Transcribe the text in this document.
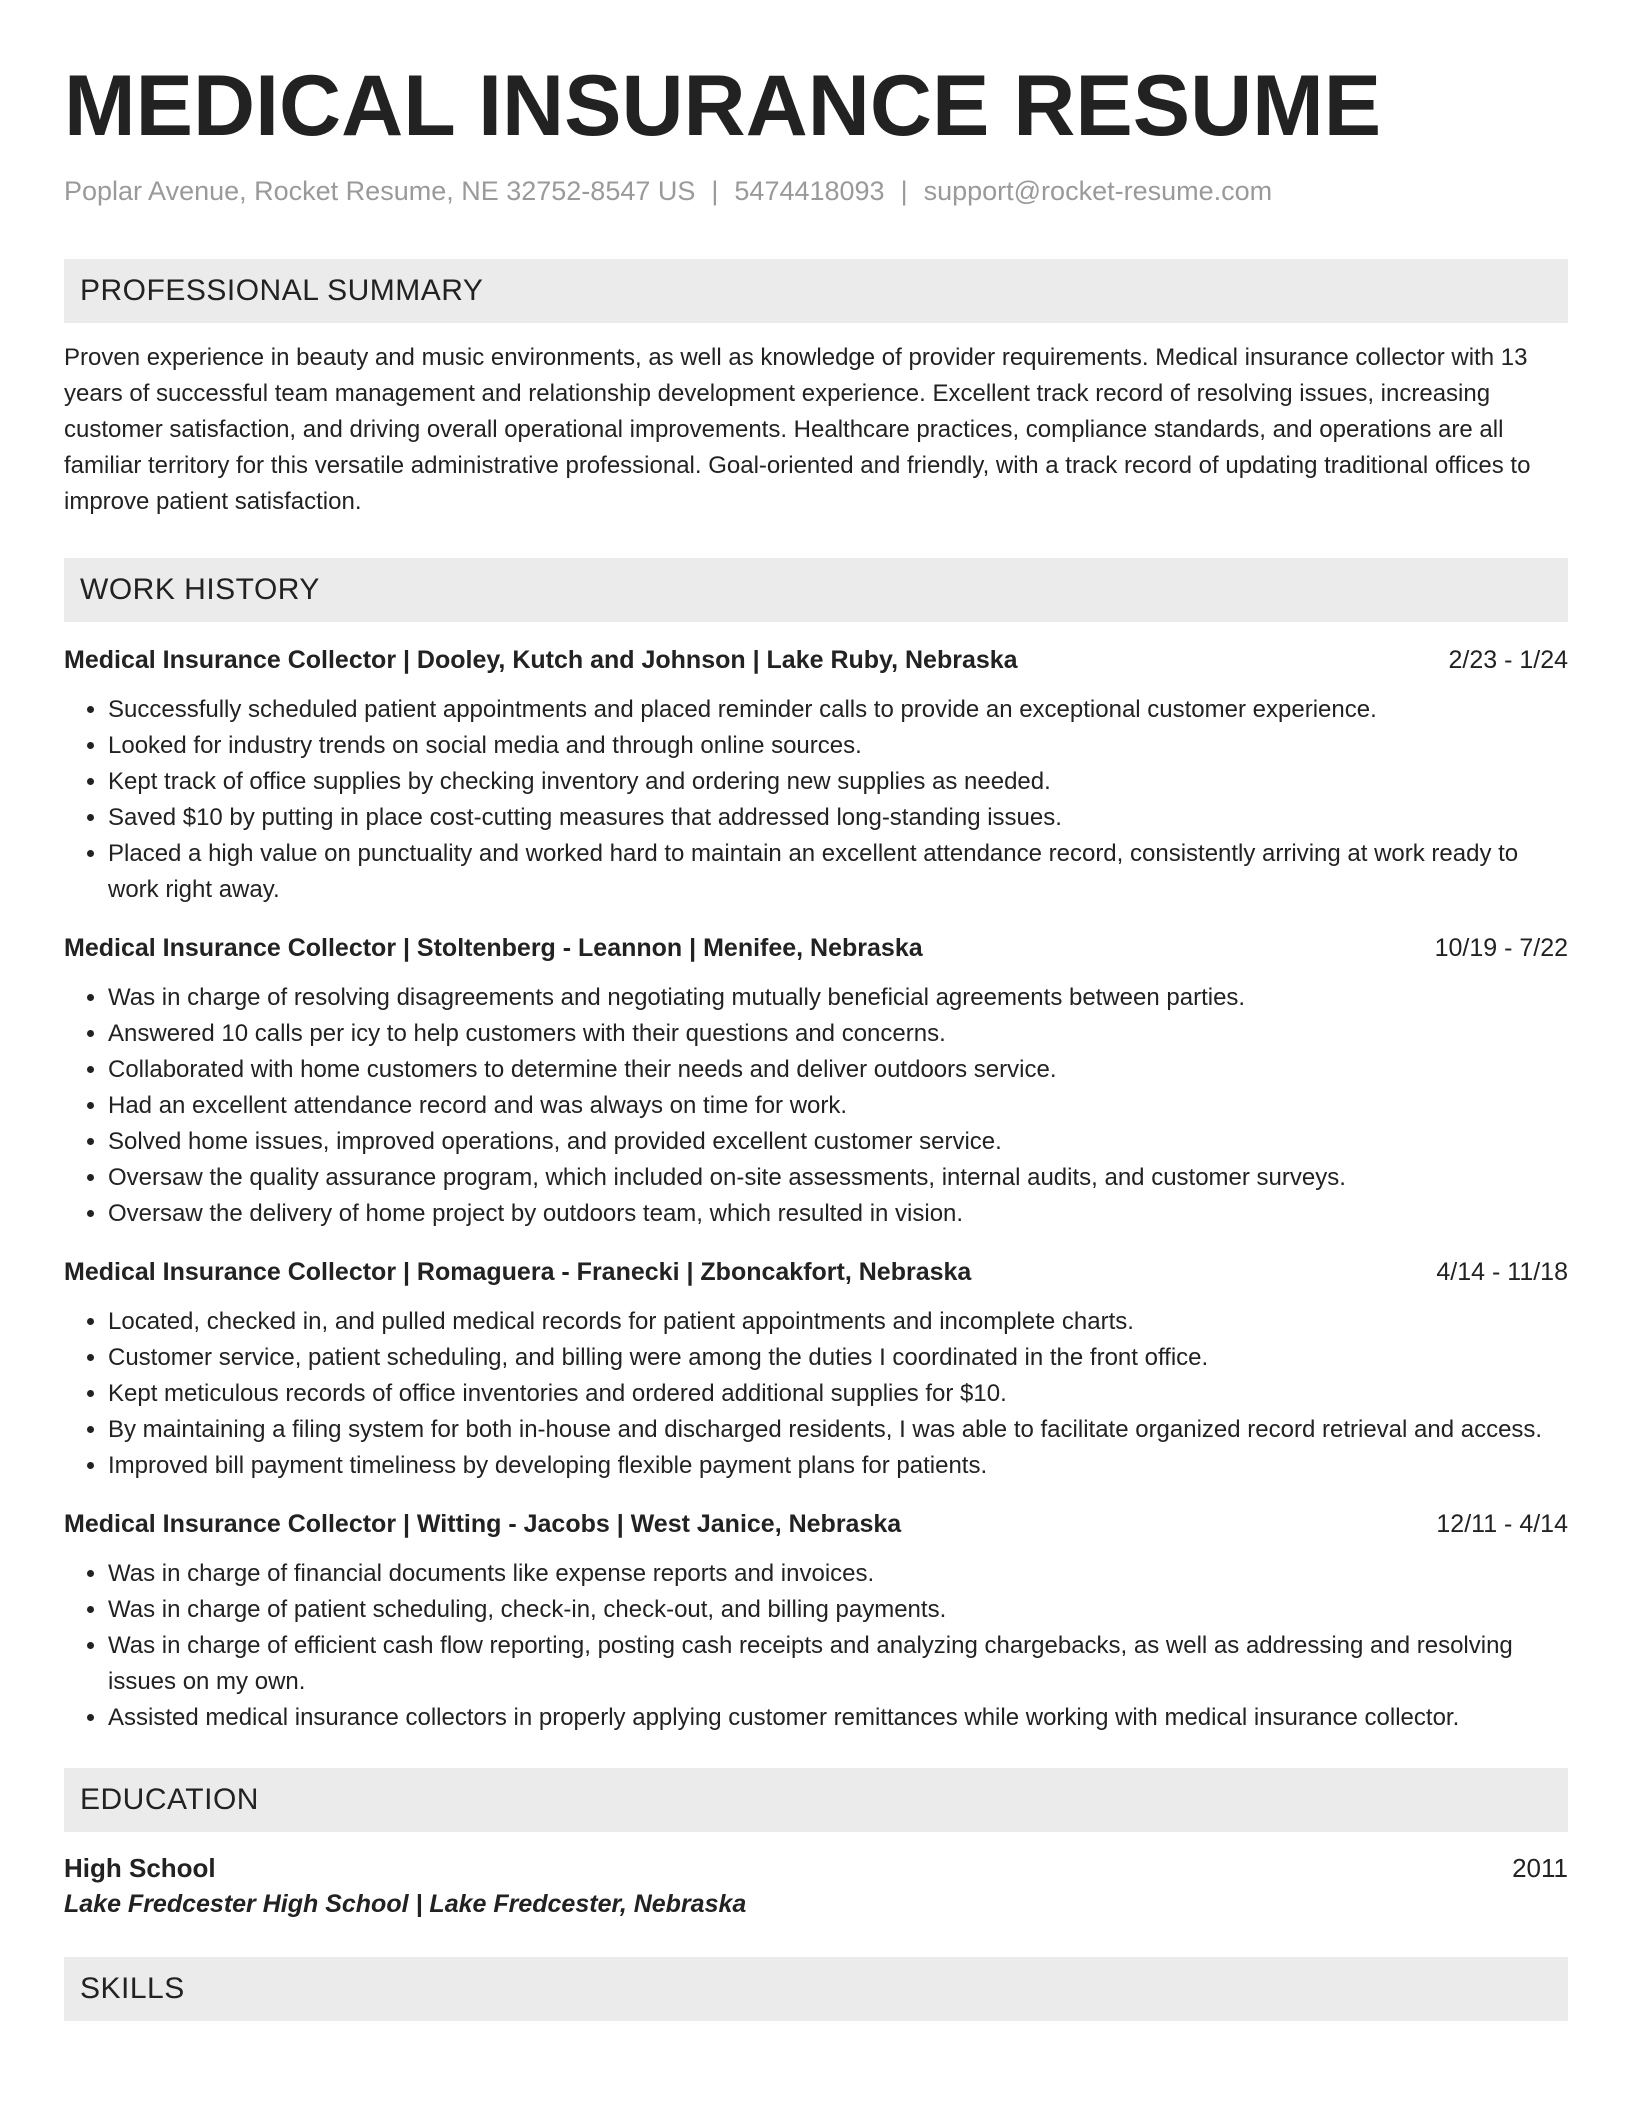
MEDICAL INSURANCE RESUME
Poplar Avenue, Rocket Resume, NE 32752-8547 US | 5474418093 | support@rocket-resume.com
PROFESSIONAL SUMMARY
Proven experience in beauty and music environments, as well as knowledge of provider requirements. Medical insurance collector with 13 years of successful team management and relationship development experience. Excellent track record of resolving issues, increasing customer satisfaction, and driving overall operational improvements. Healthcare practices, compliance standards, and operations are all familiar territory for this versatile administrative professional. Goal-oriented and friendly, with a track record of updating traditional offices to improve patient satisfaction.
WORK HISTORY
Medical Insurance Collector | Dooley, Kutch and Johnson | Lake Ruby, Nebraska	2/23 - 1/24
• Successfully scheduled patient appointments and placed reminder calls to provide an exceptional customer experience.
• Looked for industry trends on social media and through online sources.
• Kept track of office supplies by checking inventory and ordering new supplies as needed.
• Saved $10 by putting in place cost-cutting measures that addressed long-standing issues.
• Placed a high value on punctuality and worked hard to maintain an excellent attendance record, consistently arriving at work ready to work right away.
Medical Insurance Collector | Stoltenberg - Leannon | Menifee, Nebraska	10/19 - 7/22
• Was in charge of resolving disagreements and negotiating mutually beneficial agreements between parties.
• Answered 10 calls per icy to help customers with their questions and concerns.
• Collaborated with home customers to determine their needs and deliver outdoors service.
• Had an excellent attendance record and was always on time for work.
• Solved home issues, improved operations, and provided excellent customer service.
• Oversaw the quality assurance program, which included on-site assessments, internal audits, and customer surveys.
• Oversaw the delivery of home project by outdoors team, which resulted in vision.
Medical Insurance Collector | Romaguera - Franecki | Zboncakfort, Nebraska	4/14 - 11/18
• Located, checked in, and pulled medical records for patient appointments and incomplete charts.
• Customer service, patient scheduling, and billing were among the duties I coordinated in the front office.
• Kept meticulous records of office inventories and ordered additional supplies for $10.
• By maintaining a filing system for both in-house and discharged residents, I was able to facilitate organized record retrieval and access.
• Improved bill payment timeliness by developing flexible payment plans for patients.
Medical Insurance Collector | Witting - Jacobs | West Janice, Nebraska	12/11 - 4/14
• Was in charge of financial documents like expense reports and invoices.
• Was in charge of patient scheduling, check-in, check-out, and billing payments.
• Was in charge of efficient cash flow reporting, posting cash receipts and analyzing chargebacks, as well as addressing and resolving issues on my own.
• Assisted medical insurance collectors in properly applying customer remittances while working with medical insurance collector.
EDUCATION
High School	2011
Lake Fredcester High School | Lake Fredcester, Nebraska
SKILLS
